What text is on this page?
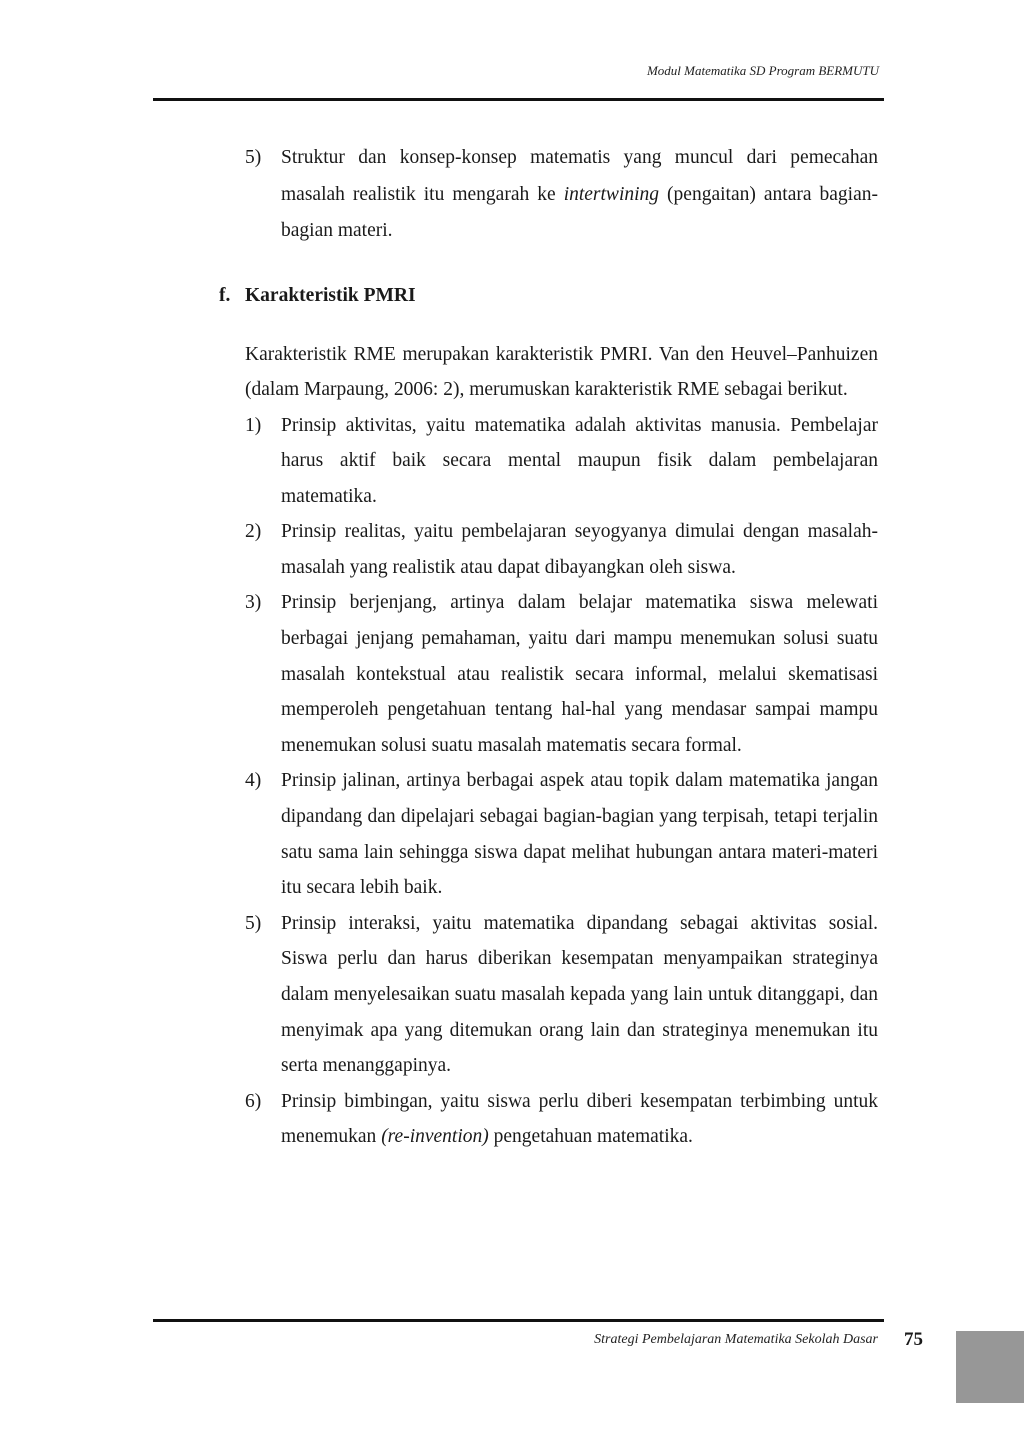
Modul Matematika SD Program BERMUTU
5) Struktur dan konsep-konsep matematis yang muncul dari pemecahan masalah realistik itu mengarah ke intertwining (pengaitan) antara bagian-bagian materi.
f. Karakteristik PMRI
Karakteristik RME merupakan karakteristik PMRI. Van den Heuvel–Panhuizen (dalam Marpaung, 2006: 2), merumuskan karakteristik RME sebagai berikut.
1) Prinsip aktivitas, yaitu matematika adalah aktivitas manusia. Pembelajar harus aktif baik secara mental maupun fisik dalam pembelajaran matematika.
2) Prinsip realitas, yaitu pembelajaran seyogyanya dimulai dengan masalah-masalah yang realistik atau dapat dibayangkan oleh siswa.
3) Prinsip berjenjang, artinya dalam belajar matematika siswa melewati berbagai jenjang pemahaman, yaitu dari mampu menemukan solusi suatu masalah kontekstual atau realistik secara informal, melalui skematisasi memperoleh pengetahuan tentang hal-hal yang mendasar sampai mampu menemukan solusi suatu masalah matematis secara formal.
4) Prinsip jalinan, artinya berbagai aspek atau topik dalam matematika jangan dipandang dan dipelajari sebagai bagian-bagian yang terpisah, tetapi terjalin satu sama lain sehingga siswa dapat melihat hubungan antara materi-materi itu secara lebih baik.
5) Prinsip interaksi, yaitu matematika dipandang sebagai aktivitas sosial. Siswa perlu dan harus diberikan kesempatan menyampaikan strateginya dalam menyelesaikan suatu masalah kepada yang lain untuk ditanggapi, dan menyimak apa yang ditemukan orang lain dan strateginya menemukan itu serta menanggapinya.
6) Prinsip bimbingan, yaitu siswa perlu diberi kesempatan terbimbing untuk menemukan (re-invention) pengetahuan matematika.
Strategi Pembelajaran Matematika Sekolah Dasar 75
